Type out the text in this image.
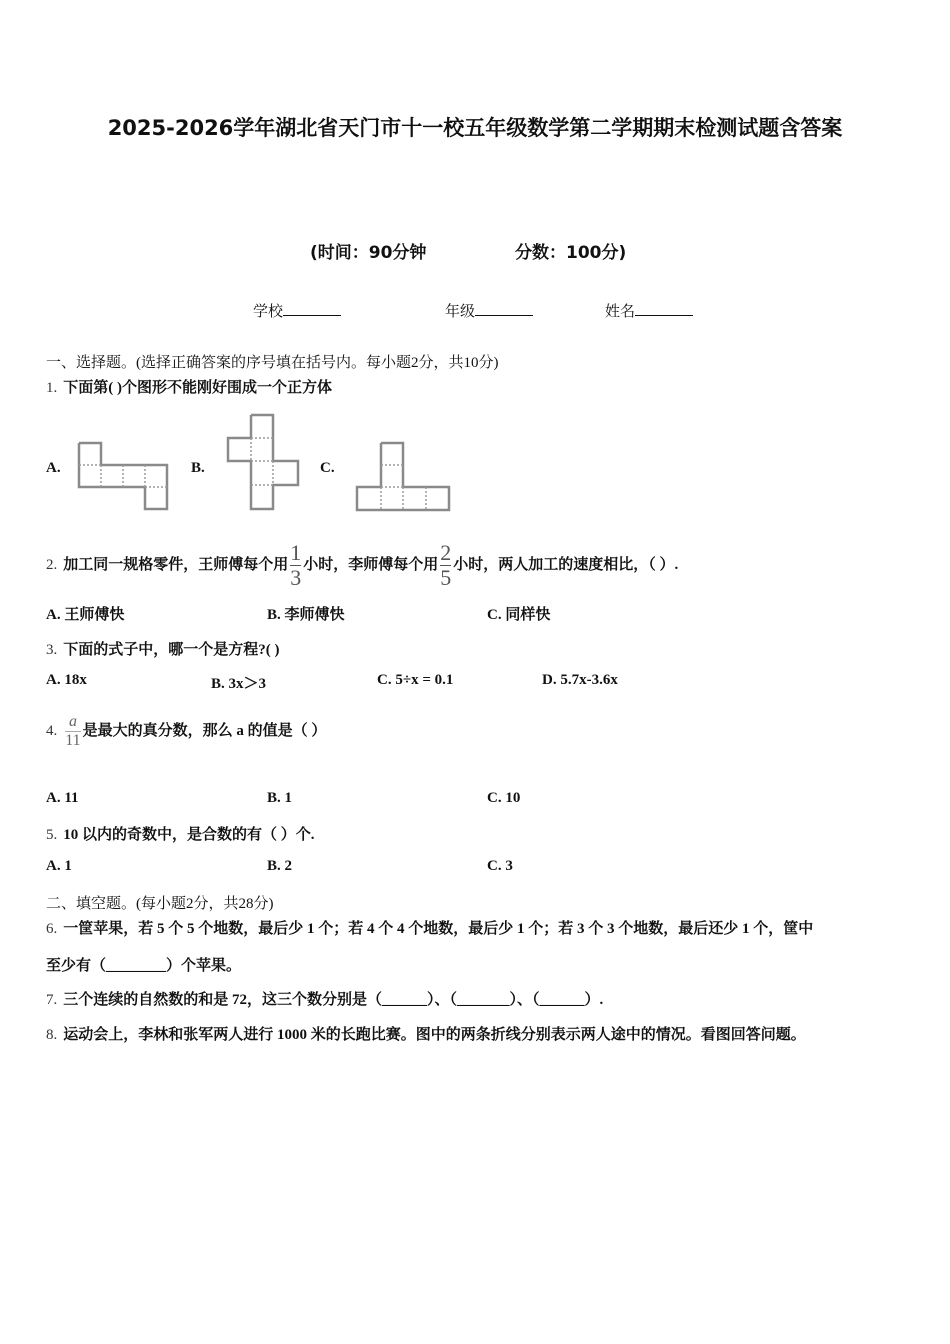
2025-2026学年湖北省天门市十一校五年级数学第二学期期末检测试题含答案
(时间：90分钟	分数：100分)
学校	年级	姓名
一、选择题。(选择正确答案的序号填在括号内。每小题2分，共10分)
1. 下面第( )个图形不能刚好围成一个正方体
A.	B.	C.
2. 加工同一规格零件，王师傅每个用 $\frac{1}{3}$ 小时，李师傅每个用 $\frac{2}{5}$ 小时，两人加工的速度相比，（ ）.
A. 王师傅快	B. 李师傅快	C. 同样快
3. 下面的式子中，哪一个是方程?( )
A. 18x	B. 3x＞3	C. 5÷x = 0.1	D. 5.7x-3.6x
4. $\frac{a}{11}$ 是最大的真分数，那么 a 的值是（ ）
A. 11	B. 1	C. 10
5. 10 以内的奇数中，是合数的有（ ）个.
A. 1	B. 2	C. 3
二、填空题。(每小题2分，共28分)
6. 一筐苹果，若 5 个 5 个地数，最后少 1 个；若 4 个 4 个地数，最后少 1 个；若 3 个 3 个地数，最后还少 1 个，筐中
至少有（________）个苹果。
7. 三个连续的自然数的和是 72，这三个数分别是（______）、（_______）、（______）.
8. 运动会上，李林和张军两人进行 1000 米的长跑比赛。图中的两条折线分别表示两人途中的情况。看图回答问题。
